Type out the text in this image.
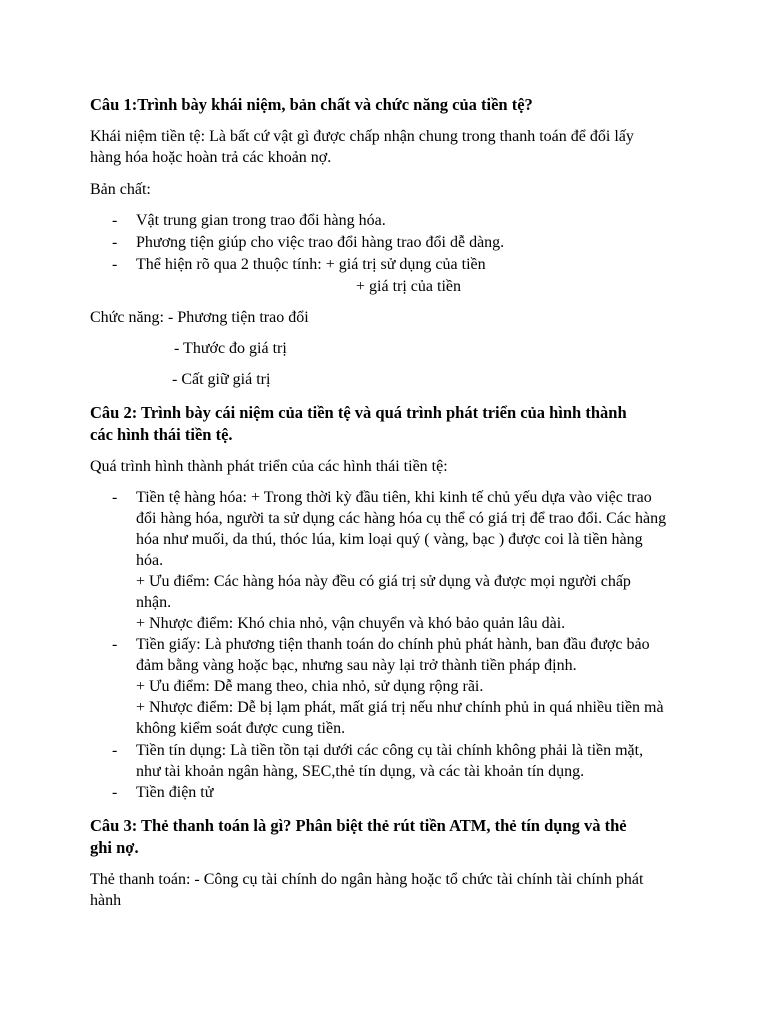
Câu 1:Trình bày khái niệm, bản chất và chức năng của tiền tệ?

Khái niệm tiền tệ: Là bất cứ vật gì được chấp nhận chung trong thanh toán để đổi lấy

hàng hóa hoặc hoàn trả các khoản nợ.

Bản chất:

- Vật trung gian trong trao đổi hàng hóa.
- Phương tiện giúp cho việc trao đổi hàng trao đổi dễ dàng.
- Thể hiện rõ qua 2 thuộc tính: + giá trị sử dụng của tiền
+ giá trị của tiền

Chức năng: - Phương tiện trao đổi

- Thước đo giá trị

- Cất giữ giá trị

Câu 2: Trình bày cái niệm của tiền tệ và quá trình phát triển của hình thành

các hình thái tiền tệ.

Quá trình hình thành phát triển của các hình thái tiền tệ:

- Tiền tệ hàng hóa: + Trong thời kỳ đầu tiên, khi kinh tế chủ yếu dựa vào việc trao
đổi hàng hóa, người ta sử dụng các hàng hóa cụ thể có giá trị để trao đổi. Các hàng
hóa như muối, da thú, thóc lúa, kim loại quý ( vàng, bạc ) được coi là tiền hàng
hóa.
+ Ưu điểm: Các hàng hóa này đều có giá trị sử dụng và được mọi người chấp
nhận.
+ Nhược điểm: Khó chia nhỏ, vận chuyển và khó bảo quản lâu dài.
- Tiền giấy: Là phương tiện thanh toán do chính phủ phát hành, ban đầu được bảo
đảm bằng vàng hoặc bạc, nhưng sau này lại trở thành tiền pháp định.
+ Ưu điểm: Dễ mang theo, chia nhỏ, sử dụng rộng rãi.
+ Nhược điểm: Dễ bị lạm phát, mất giá trị nếu như chính phủ in quá nhiều tiền mà
không kiểm soát được cung tiền.
- Tiền tín dụng: Là tiền tồn tại dưới các công cụ tài chính không phải là tiền mặt,
như tài khoản ngân hàng, SEC,thẻ tín dụng, và các tài khoản tín dụng.
- Tiền điện tử

Câu 3: Thẻ thanh toán là gì? Phân biệt thẻ rút tiền ATM, thẻ tín dụng và thẻ

ghi nợ.

Thẻ thanh toán: - Công cụ tài chính do ngân hàng hoặc tổ chức tài chính tài chính phát

hành
